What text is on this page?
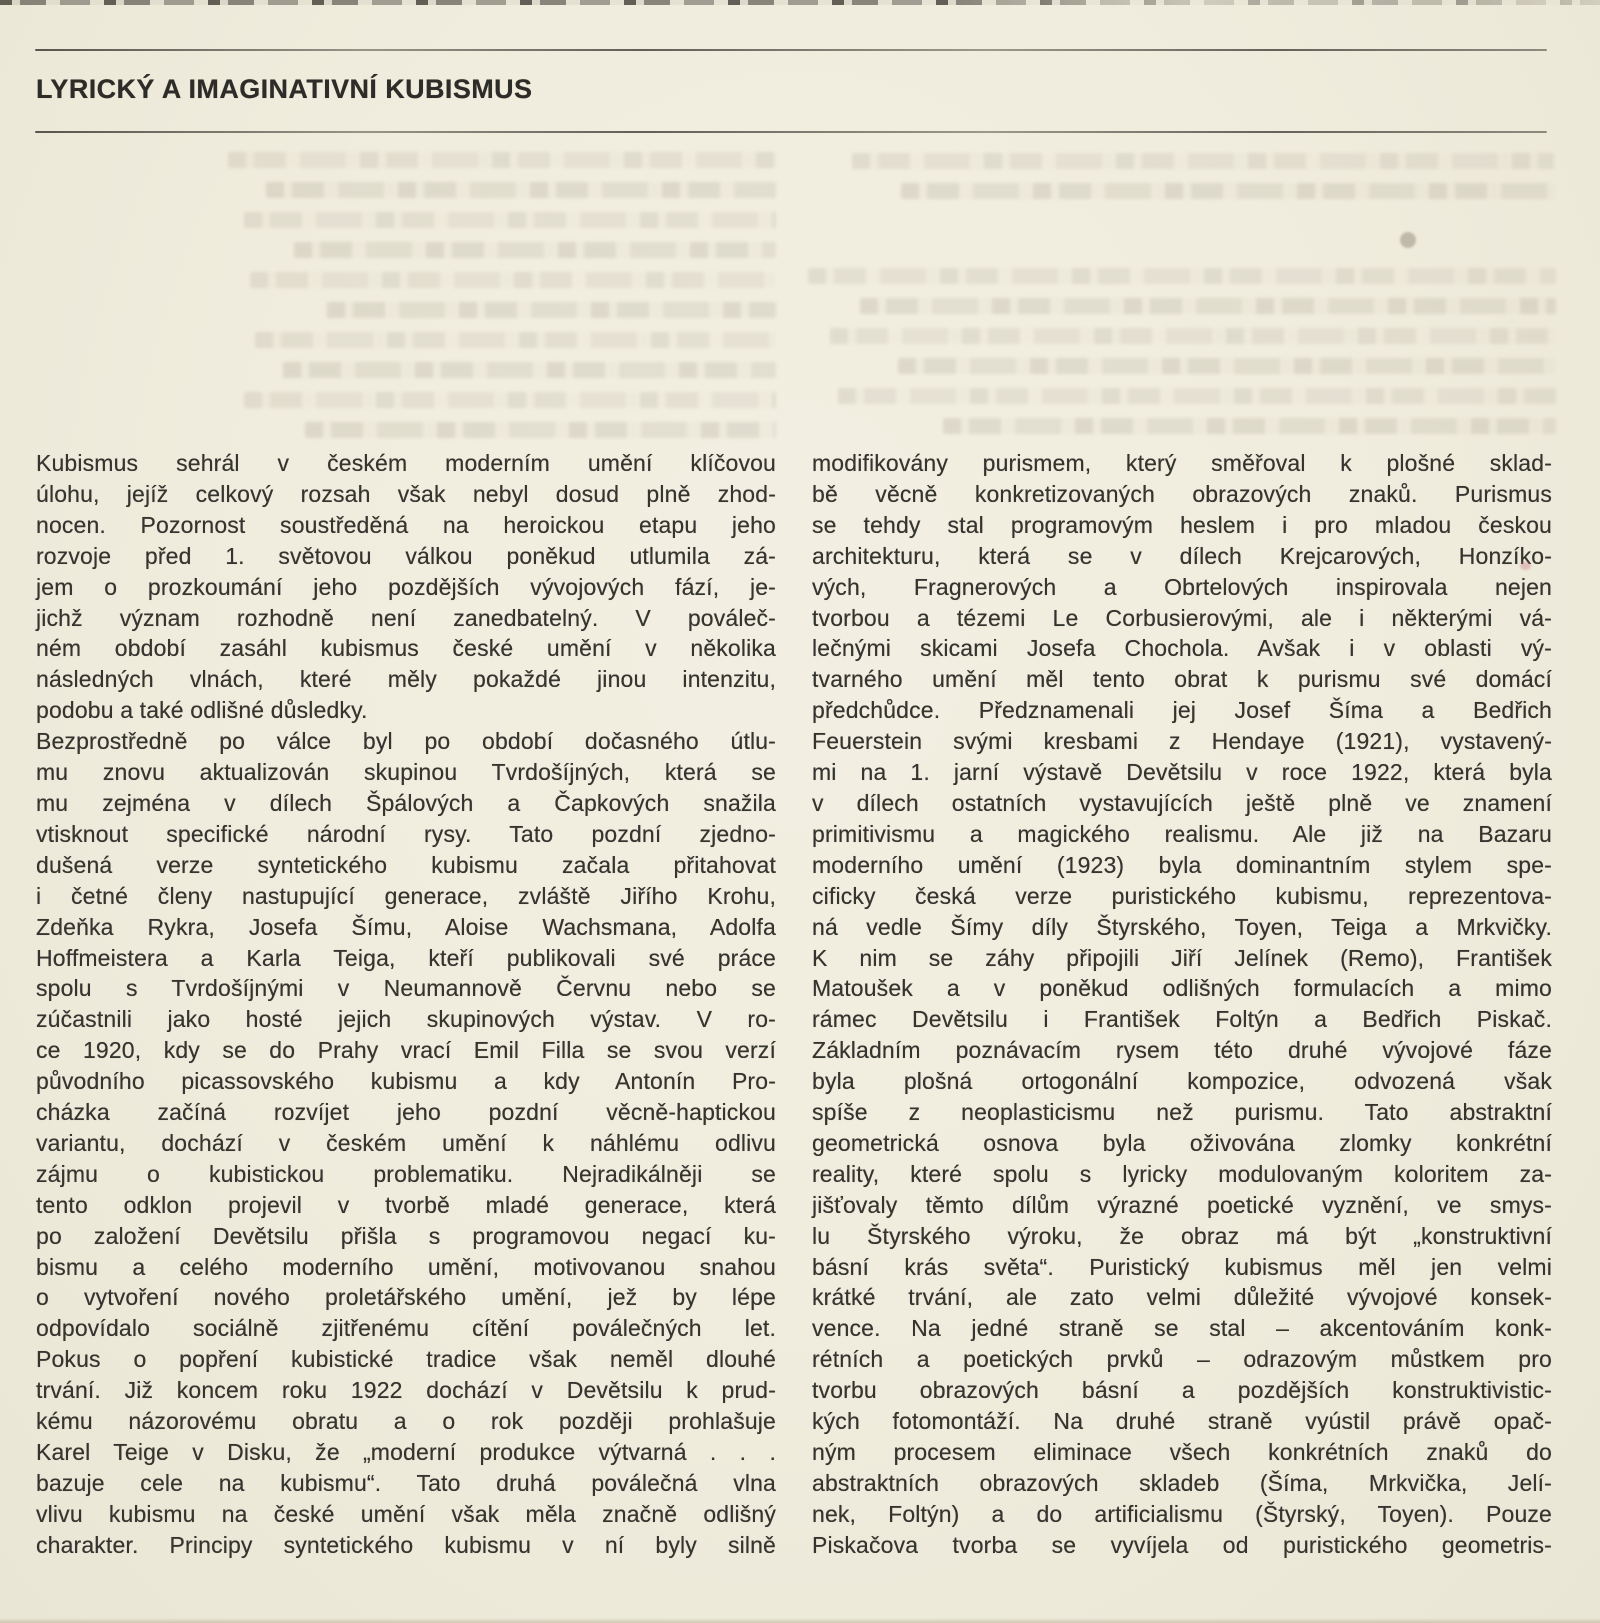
LYRICKÝ A IMAGINATIVNÍ KUBISMUS
Kubismus sehrál v českém moderním umění klíčovou
úlohu, jejíž celkový rozsah však nebyl dosud plně zhod-
nocen. Pozornost soustředěná na heroickou etapu jeho
rozvoje před 1. světovou válkou poněkud utlumila zá-
jem o prozkoumání jeho pozdějších vývojových fází, je-
jichž význam rozhodně není zanedbatelný. V pováleč-
ném období zasáhl kubismus české umění v několika
následných vlnách, které měly pokaždé jinou intenzitu,
podobu a také odlišné důsledky.
Bezprostředně po válce byl po období dočasného útlu-
mu znovu aktualizován skupinou Tvrdošíjných, která se
mu zejména v dílech Špálových a Čapkových snažila
vtisknout specifické národní rysy. Tato pozdní zjedno-
dušená verze syntetického kubismu začala přitahovat
i četné členy nastupující generace, zvláště Jiřího Krohu,
Zdeňka Rykra, Josefa Šímu, Aloise Wachsmana, Adolfa
Hoffmeistera a Karla Teiga, kteří publikovali své práce
spolu s Tvrdošíjnými v Neumannově Červnu nebo se
zúčastnili jako hosté jejich skupinových výstav. V ro-
ce 1920, kdy se do Prahy vrací Emil Filla se svou verzí
původního picassovského kubismu a kdy Antonín Pro-
cházka začíná rozvíjet jeho pozdní věcně-haptickou
variantu, dochází v českém umění k náhlému odlivu
zájmu o kubistickou problematiku. Nejradikálněji se
tento odklon projevil v tvorbě mladé generace, která
po založení Devětsilu přišla s programovou negací ku-
bismu a celého moderního umění, motivovanou snahou
o vytvoření nového proletářského umění, jež by lépe
odpovídalo sociálně zjitřenému cítění poválečných let.
Pokus o popření kubistické tradice však neměl dlouhé
trvání. Již koncem roku 1922 dochází v Devětsilu k prud-
kému názorovému obratu a o rok později prohlašuje
Karel Teige v Disku, že „moderní produkce výtvarná . . .
bazuje cele na kubismu“. Tato druhá poválečná vlna
vlivu kubismu na české umění však měla značně odlišný
charakter. Principy syntetického kubismu v ní byly silně
modifikovány purismem, který směřoval k plošné sklad-
bě věcně konkretizovaných obrazových znaků. Purismus
se tehdy stal programovým heslem i pro mladou českou
architekturu, která se v dílech Krejcarových, Honzíko-
vých, Fragnerových a Obrtelových inspirovala nejen
tvorbou a tézemi Le Corbusierovými, ale i některými vá-
lečnými skicami Josefa Chochola. Avšak i v oblasti vý-
tvarného umění měl tento obrat k purismu své domácí
předchůdce. Předznamenali jej Josef Šíma a Bedřich
Feuerstein svými kresbami z Hendaye (1921), vystavený-
mi na 1. jarní výstavě Devětsilu v roce 1922, která byla
v dílech ostatních vystavujících ještě plně ve znamení
primitivismu a magického realismu. Ale již na Bazaru
moderního umění (1923) byla dominantním stylem spe-
cificky česká verze puristického kubismu, reprezentova-
ná vedle Šímy díly Štyrského, Toyen, Teiga a Mrkvičky.
K nim se záhy připojili Jiří Jelínek (Remo), František
Matoušek a v poněkud odlišných formulacích a mimo
rámec Devětsilu i František Foltýn a Bedřich Piskač.
Základním poznávacím rysem této druhé vývojové fáze
byla plošná ortogonální kompozice, odvozená však
spíše z neoplasticismu než purismu. Tato abstraktní
geometrická osnova byla oživována zlomky konkrétní
reality, které spolu s lyricky modulovaným koloritem za-
jišťovaly těmto dílům výrazné poetické vyznění, ve smys-
lu Štyrského výroku, že obraz má být „konstruktivní
básní krás světa“. Puristický kubismus měl jen velmi
krátké trvání, ale zato velmi důležité vývojové konsek-
vence. Na jedné straně se stal – akcentováním konk-
rétních a poetických prvků – odrazovým můstkem pro
tvorbu obrazových básní a pozdějších konstruktivistic-
kých fotomontáží. Na druhé straně vyústil právě opač-
ným procesem eliminace všech konkrétních znaků do
abstraktních obrazových skladeb (Šíma, Mrkvička, Jelí-
nek, Foltýn) a do artificialismu (Štyrský, Toyen). Pouze
Piskačova tvorba se vyvíjela od puristického geometris-
